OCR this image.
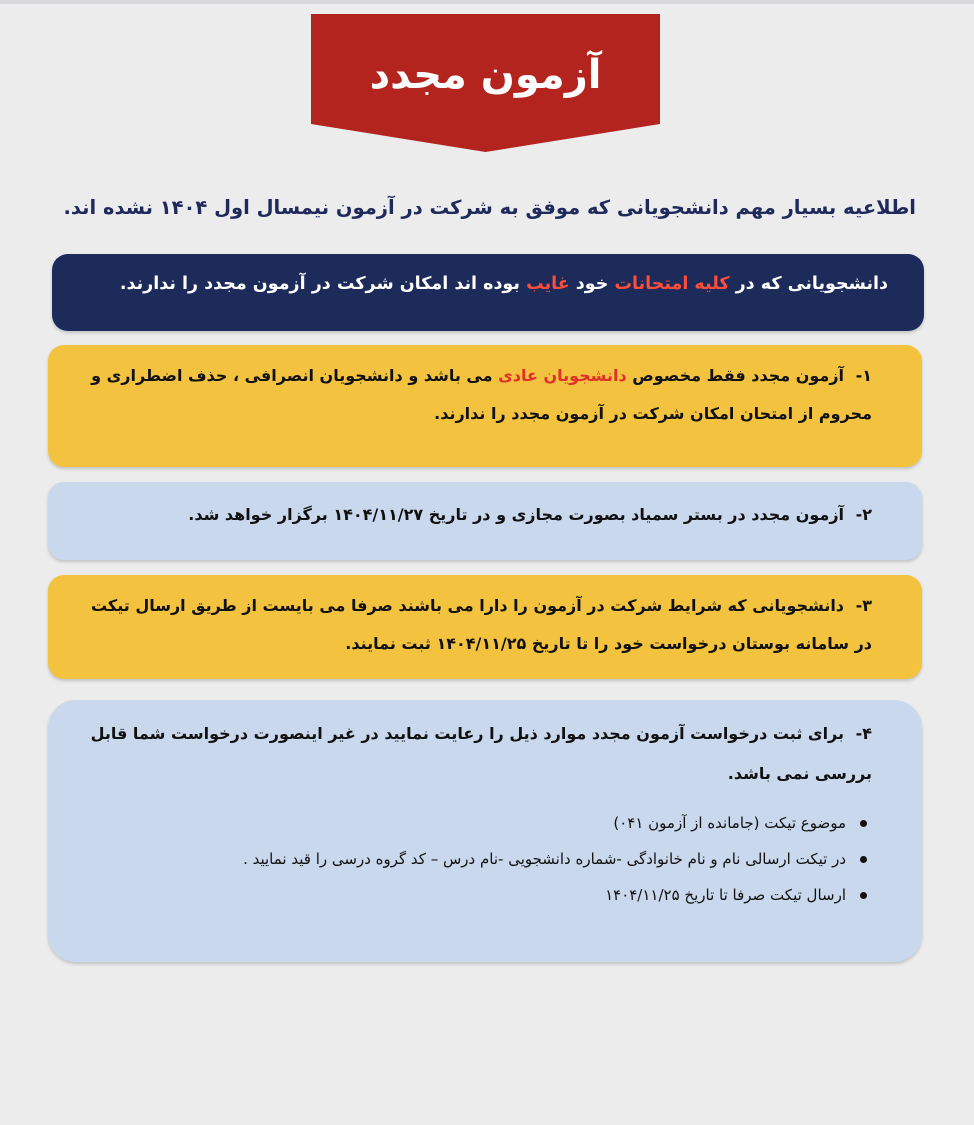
آزمون مجدد
اطلاعیه بسیار مهم دانشجویانی که موفق به شرکت در آزمون نیمسال اول ۱۴۰۴ نشده اند.
دانشجویانی که در کلیه امتحانات خود غایب بوده اند امکان شرکت در آزمون مجدد را ندارند.
۱- آزمون مجدد فقط مخصوص دانشجویان عادی می باشد و دانشجویان انصرافی ، حذف اضطراری و محروم از امتحان امکان شرکت در آزمون مجدد را ندارند.
۲- آزمون مجدد در بستر سمیاد بصورت مجازی و در تاریخ ۱۴۰۴/۱۱/۲۷ برگزار خواهد شد.
۳- دانشجویانی که شرایط شرکت در آزمون را دارا می باشند صرفا می بایست از طریق ارسال تیکت در سامانه بوستان درخواست خود را تا تاریخ ۱۴۰۴/۱۱/۲۵ ثبت نمایند.
۴- برای ثبت درخواست آزمون مجدد موارد ذیل را رعایت نمایید در غیر اینصورت درخواست شما قابل بررسی نمی باشد.
موضوع تیکت (جامانده از آزمون ۰۴۱)
در تیکت ارسالی نام و نام خانوادگی -شماره دانشجویی -نام درس – کد گروه درسی را قید نمایید .
ارسال تیکت صرفا تا تاریخ ۱۴۰۴/۱۱/۲۵
